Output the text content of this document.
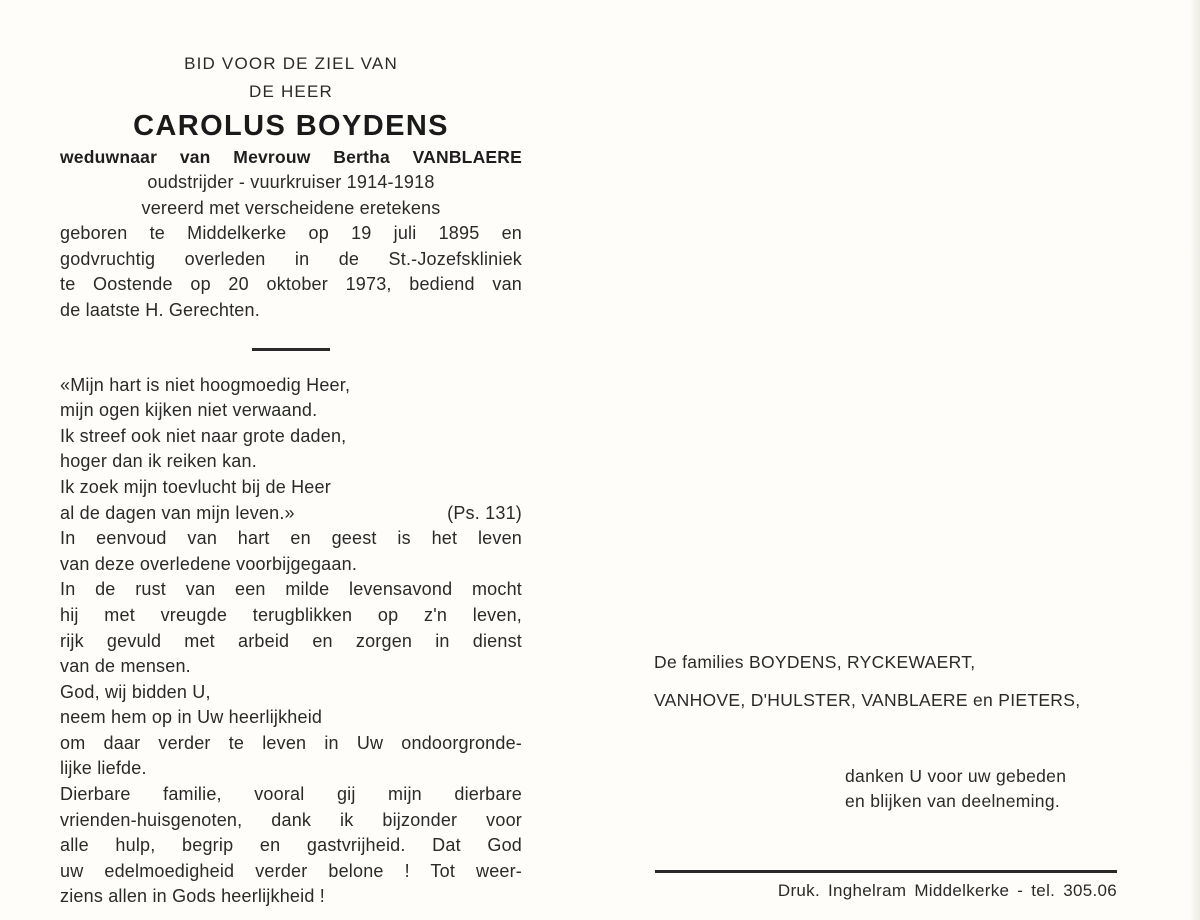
BID VOOR DE ZIEL VAN
DE HEER
CAROLUS BOYDENS
weduwnaar van Mevrouw Bertha VANBLAERE
oudstrijder - vuurkruiser 1914-1918
vereerd met verscheidene eretekens
geboren te Middelkerke op 19 juli 1895 en
godvruchtig overleden in de St.-Jozefskliniek
te Oostende op 20 oktober 1973, bediend van
de laatste H. Gerechten.
«Mijn hart is niet hoogmoedig Heer,
mijn ogen kijken niet verwaand.
Ik streef ook niet naar grote daden,
hoger dan ik reiken kan.
Ik zoek mijn toevlucht bij de Heer
al de dagen van mijn leven.»	(Ps. 131)
In eenvoud van hart en geest is het leven
van deze overledene voorbijgegaan.
In de rust van een milde levensavond mocht
hij met vreugde terugblikken op z'n leven,
rijk gevuld met arbeid en zorgen in dienst
van de mensen.
God, wij bidden U,
neem hem op in Uw heerlijkheid
om daar verder te leven in Uw ondoorgronde-
lijke liefde.
Dierbare familie, vooral gij mijn dierbare
vrienden-huisgenoten, dank ik bijzonder voor
alle hulp, begrip en gastvrijheid. Dat God
uw edelmoedigheid verder belone ! Tot weer-
ziens allen in Gods heerlijkheid !
De families BOYDENS, RYCKEWAERT,
VANHOVE, D'HULSTER, VANBLAERE en PIETERS,
danken U voor uw gebeden
en blijken van deelneming.
Druk. Inghelram Middelkerke - tel. 305.06
